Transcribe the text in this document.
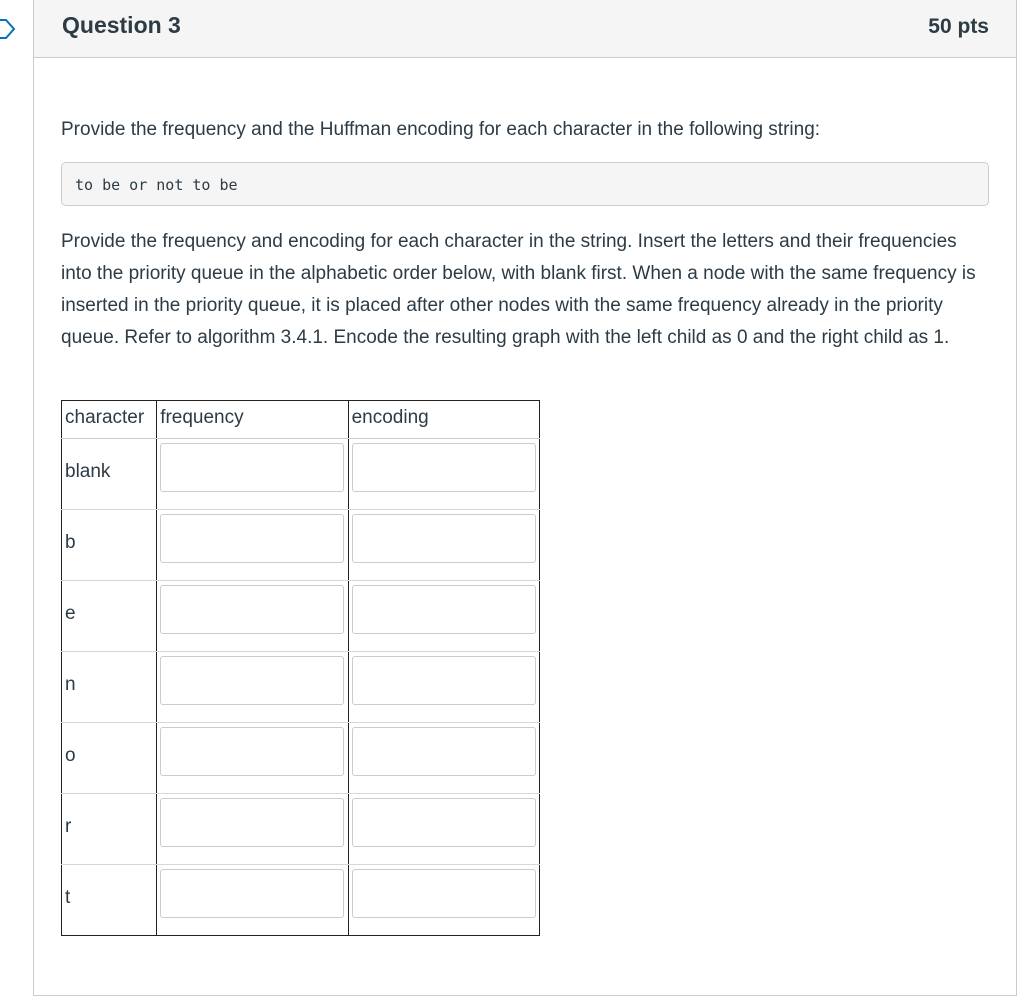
Question 3	50 pts
Provide the frequency and the Huffman encoding for each character in the following string:
to be or not to be
Provide the frequency and encoding for each character in the string. Insert the letters and their frequencies into the priority queue in the alphabetic order below, with blank first. When a node with the same frequency is inserted in the priority queue, it is placed after other nodes with the same frequency already in the priority queue. Refer to algorithm 3.4.1. Encode the resulting graph with the left child as 0 and the right child as 1.
character	frequency	encoding
blank	

b	

e	

n	

o	

r	

t	
